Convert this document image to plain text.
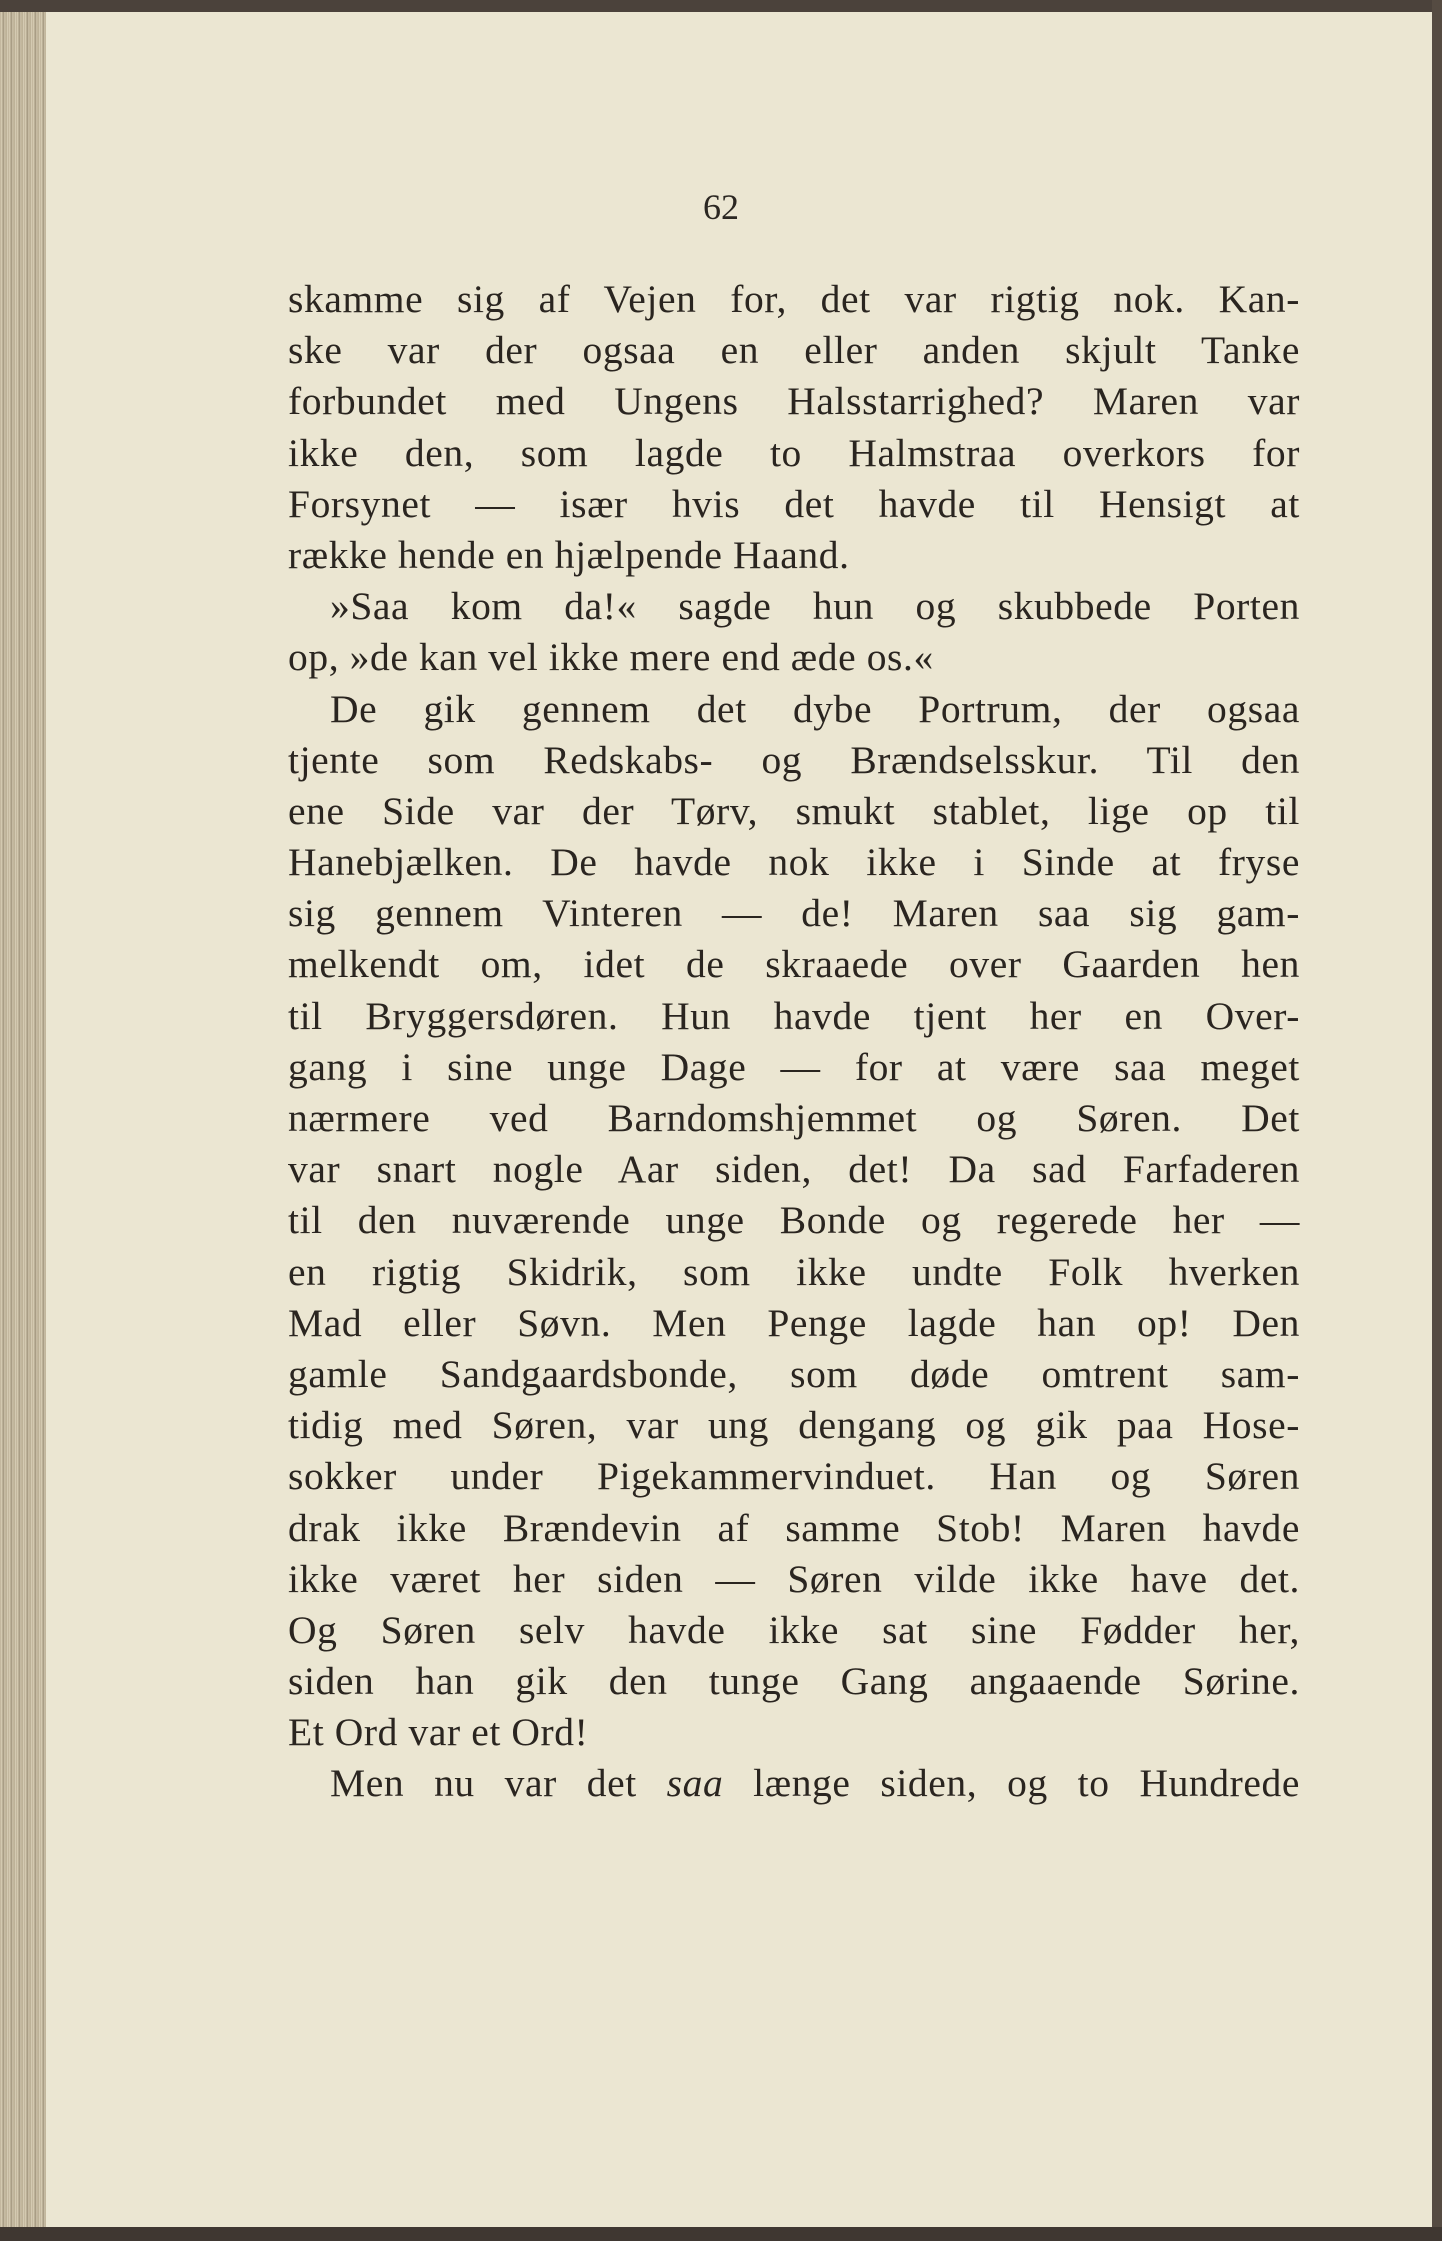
62
skamme sig af Vejen for, det var rigtig nok. Kan-
ske var der ogsaa en eller anden skjult Tanke
forbundet med Ungens Halsstarrighed? Maren var
ikke den, som lagde to Halmstraa overkors for
Forsynet — især hvis det havde til Hensigt at
række hende en hjælpende Haand.
»Saa kom da!« sagde hun og skubbede Porten
op, »de kan vel ikke mere end æde os.«
De gik gennem det dybe Portrum, der ogsaa
tjente som Redskabs- og Brændselsskur. Til den
ene Side var der Tørv, smukt stablet, lige op til
Hanebjælken. De havde nok ikke i Sinde at fryse
sig gennem Vinteren — de! Maren saa sig gam-
melkendt om, idet de skraaede over Gaarden hen
til Bryggersdøren. Hun havde tjent her en Over-
gang i sine unge Dage — for at være saa meget
nærmere ved Barndomshjemmet og Søren. Det
var snart nogle Aar siden, det! Da sad Farfaderen
til den nuværende unge Bonde og regerede her —
en rigtig Skidrik, som ikke undte Folk hverken
Mad eller Søvn. Men Penge lagde han op! Den
gamle Sandgaardsbonde, som døde omtrent sam-
tidig med Søren, var ung dengang og gik paa Hose-
sokker under Pigekammervinduet. Han og Søren
drak ikke Brændevin af samme Stob! Maren havde
ikke været her siden — Søren vilde ikke have det.
Og Søren selv havde ikke sat sine Fødder her,
siden han gik den tunge Gang angaaende Sørine.
Et Ord var et Ord!
Men nu var det saa længe siden, og to Hundrede
